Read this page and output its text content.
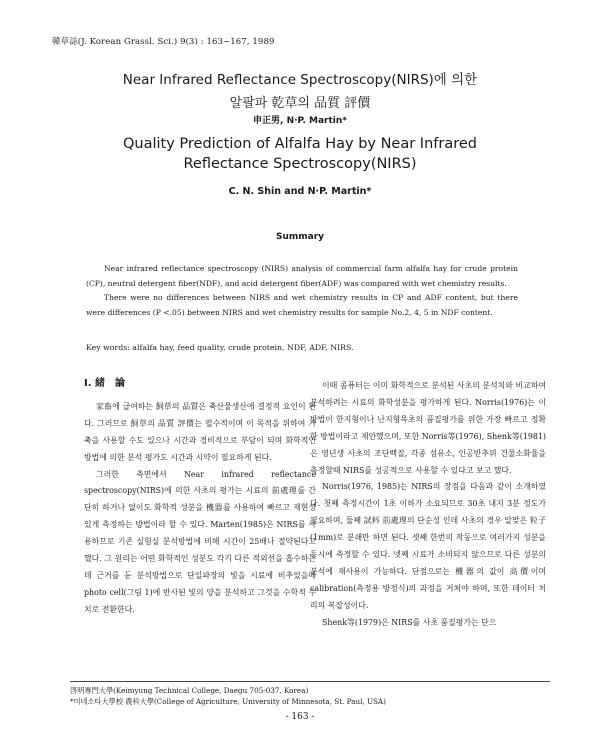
韓草誌(J. Korean Grassl. Sci.) 9(3) : 163~167, 1989
Near Infrared Reflectance Spectroscopy(NIRS)에 의한
알팔파 乾草의 品質 評價
申正男, N·P. Martin*
Quality Prediction of Alfalfa Hay by Near Infrared
Reflectance Spectroscopy(NIRS)
C. N. Shin and N·P. Martin*
Summary

Near infrared reflectance spectroscopy (NIRS) analysis of commercial farm alfalfa hay for crude protein (CP), neutral detergent fiber(NDF), and acid detergent fiber(ADF) was compared with wet chemistry results.

There were no differences between NIRS and wet chemistry results in CP and ADF content, but there were differences (P <.05) between NIRS and wet chemistry results for sample No.2, 4, 5 in NDF content.

Key words: alfalfa hay, feed quality, crude protein, NDF, ADF, NIRS.
Ⅰ. 緒　論

家畜에 급여하는 飼草의 品質은 축산물생산에 결정적 요인이 된다. 그러므로 飼草의 品質 評價는 필수적이며 이 목적을 위하여 가축을 사용할 수도 있으나 시간과 경비적으로 부담이 되며 화학적인 방법에 의한 분석 평가도 시간과 시약이 필요하게 된다.

그러한 측면에서 Near infrared reflectance spectroscopy(NIRS)에 의한 사초의 평가는 시료의 前處理를 간단히 하거나 없이도 화학적 성분을 機器를 사용하여 빠르고 재현성 있게 측정하는 방법이라 할 수 있다. Marten(1985)은 NIRS를 사용하므로 기존 실험실 분석방법에 비해 시간이 25배나 절약된다고 했다. 그 원리는 어떤 화학적인 성분도 각기 다른 적외선을 흡수하는데 근거를 둔 분석방법으로 단일파장의 빛을 시료에 비추었을때 photo cell(그림 1)에 반사된 빛의 양을 분석하고 그것을 수학적 수치로 전환한다.

이때 콤퓨터는 이미 화학적으로 분석된 사초의 분석치와 비교하여 분석하려는 시료의 화학성분을 평가하게 된다. Norris(1976)는 이 방법이 한지형이나 난지형목초의 품질평가를 위한 가장 빠르고 정확한 방법이라고 제안했으며, 또한 Norris等(1976), Shenk等(1981)은 영년생 사초의 조단백질, 각종 섬유소, 인공반추위 건물소화율을 측정할때 NIRS를 성공적으로 사용할 수 있다고 보고 했다.

Norris(1976, 1985)는 NIRS의 장점을 다음과 같이 소개하였다. 첫째 측정시간이 1초 이하가 소요되므로 30초 내지 3분 정도가 필요하며, 둘째 試料 前處理의 단순성 인데 사초의 경우 알맞은 粒子(1mm)로 분쇄만 하면 된다. 셋째 한번의 작동으로 여러가지 성분을 동시에 측정할 수 있다. 넷째 시료가 소비되지 않으므로 다른 성분의 분석에 재사용이 가능하다. 단점으로는 機器의 값이 高價이며 calibration(측정용 방정식)의 과정을 거쳐야 하며, 또한 데이터 처리의 복잡성이다.

Shenk等(1979)은 NIRS를 사초 품질평가는 단으

啓明專門大學(Keimyung Technical College, Daegu 705-037, Korea)
*미네소타大學校 農科大學(College of Agriculture, University of Minnesota, St. Paul, USA)
- 163 -
